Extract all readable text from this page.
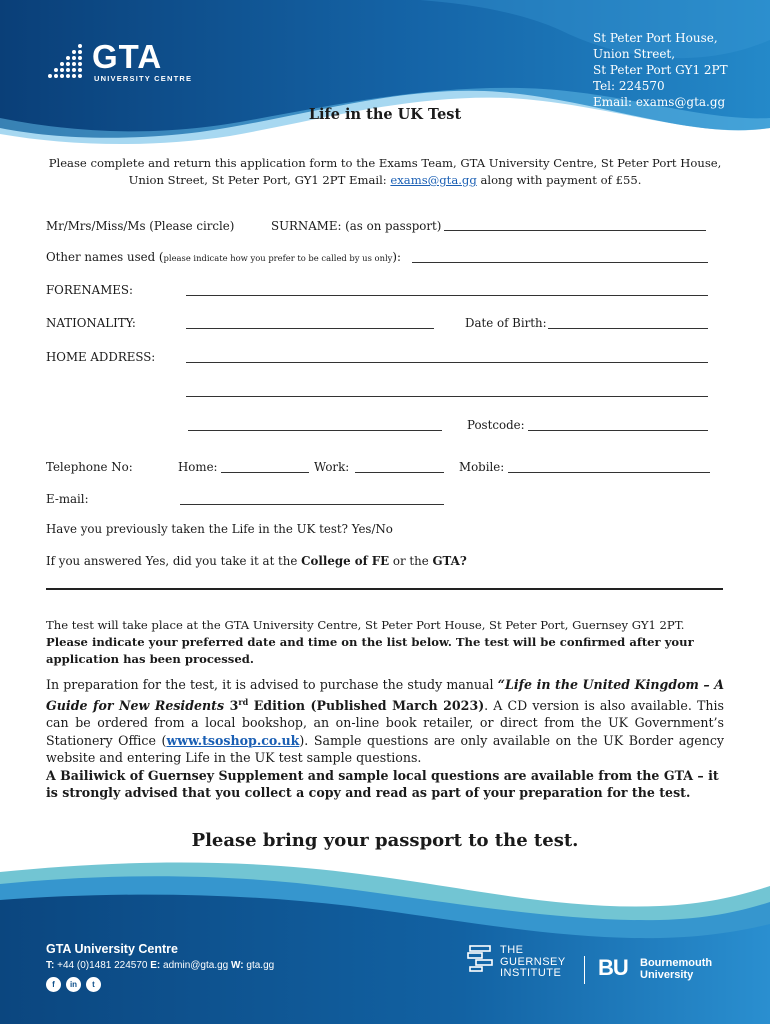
GTA
UNIVERSITY CENTRE
St Peter Port House,
Union Street,
St Peter Port GY1 2PT
Tel: 224570
Email: exams@gta.gg
Life in the UK Test
Please complete and return this application form to the Exams Team, GTA University Centre, St Peter Port House, Union Street, St Peter Port, GY1 2PT Email: exams@gta.gg along with payment of £55.
Mr/Mrs/Miss/Ms (Please circle)	SURNAME: (as on passport)
Other names used (please indicate how you prefer to be called by us only):
FORENAMES:
NATIONALITY:	Date of Birth:
HOME ADDRESS:
Postcode:
Telephone No:	Home:	Work:	Mobile:
E-mail:
Have you previously taken the Life in the UK test? Yes/No
If you answered Yes, did you take it at the College of FE or the GTA?
The test will take place at the GTA University Centre, St Peter Port House, St Peter Port, Guernsey GY1 2PT.
Please indicate your preferred date and time on the list below. The test will be confirmed after your application has been processed.
In preparation for the test, it is advised to purchase the study manual “Life in the United Kingdom – A Guide for New Residents 3rd Edition (Published March 2023). A CD version is also available. This can be ordered from a local bookshop, an on-line book retailer, or direct from the UK Government’s Stationery Office (www.tsoshop.co.uk). Sample questions are only available on the UK Border agency website and entering Life in the UK test sample questions.
A Bailiwick of Guernsey Supplement and sample local questions are available from the GTA – it is strongly advised that you collect a copy and read as part of your preparation for the test.
Please bring your passport to the test.
GTA University Centre
T: +44 (0)1481 224570 E: admin@gta.gg W: gta.gg
f	in	t
THE
GUERNSEY
INSTITUTE BU Bournemouth
University
